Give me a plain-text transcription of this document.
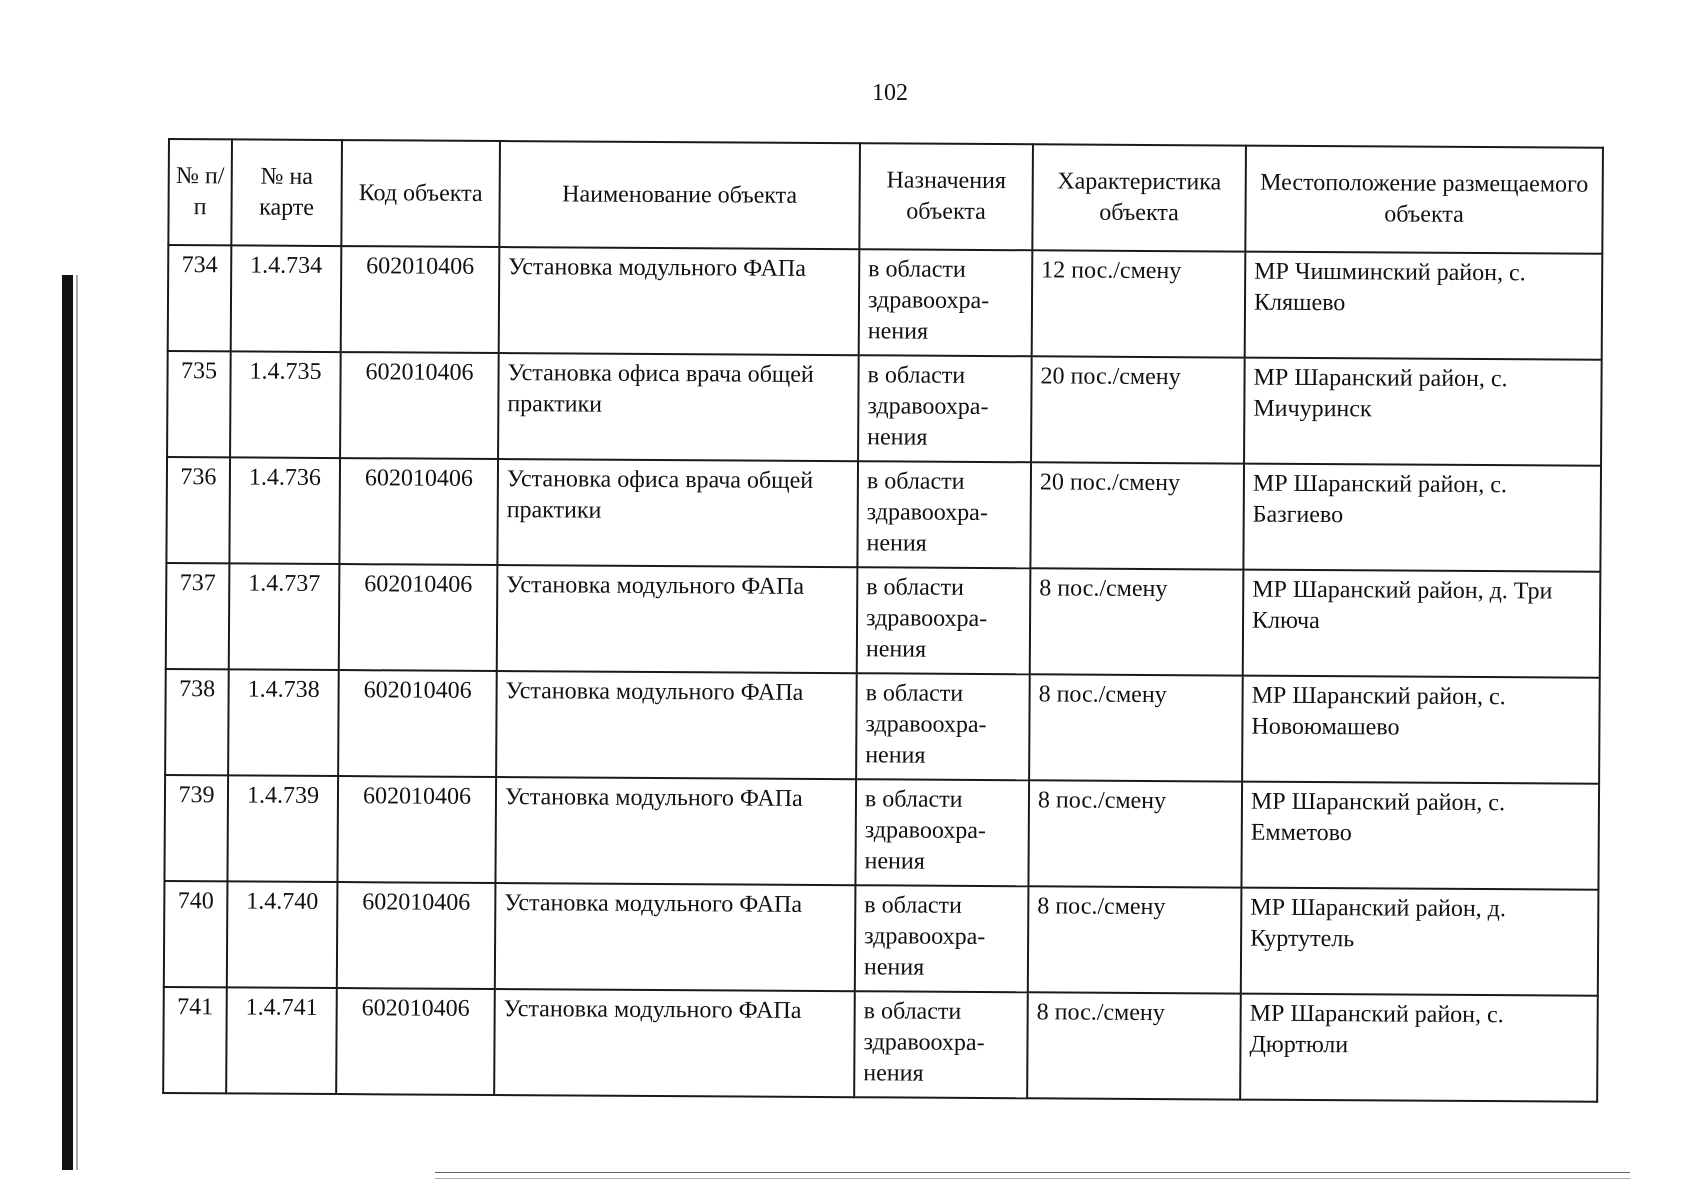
102
№ п/п	№ на карте	Код объекта	Наименование объекта	Назначения объекта	Характеристика объекта	Местоположение размещаемого объекта
734	1.4.734	602010406	Установка модульного ФАПа	в области здравоохра-нения	12 пос./смену	МР Чишминский район, с. Кляшево
735	1.4.735	602010406	Установка офиса врача общей практики	в области здравоохра-нения	20 пос./смену	МР Шаранский район, с. Мичуринск
736	1.4.736	602010406	Установка офиса врача общей практики	в области здравоохра-нения	20 пос./смену	МР Шаранский район, с. Базгиево
737	1.4.737	602010406	Установка модульного ФАПа	в области здравоохра-нения	8 пос./смену	МР Шаранский район, д. Три Ключа
738	1.4.738	602010406	Установка модульного ФАПа	в области здравоохра-нения	8 пос./смену	МР Шаранский район, с. Новоюмашево
739	1.4.739	602010406	Установка модульного ФАПа	в области здравоохра-нения	8 пос./смену	МР Шаранский район, с. Емметово
740	1.4.740	602010406	Установка модульного ФАПа	в области здравоохра-нения	8 пос./смену	МР Шаранский район, д. Куртутель
741	1.4.741	602010406	Установка модульного ФАПа	в области здравоохра-нения	8 пос./смену	МР Шаранский район, с. Дюртюли
